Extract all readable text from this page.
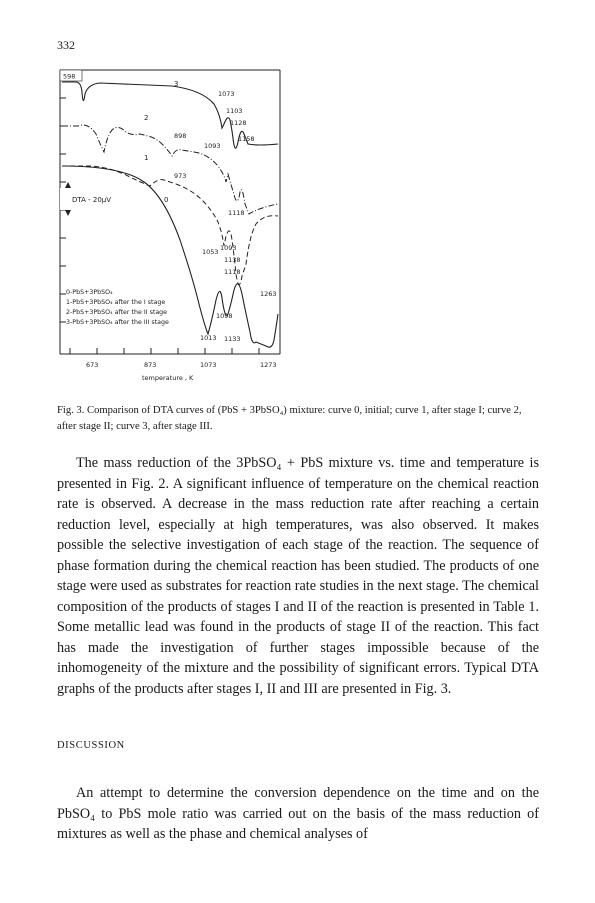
332
DTA - 20μV
598
3
1073
1103
1128
1158
1093
2
898
1
973
0
1118
1053 1093
1138
1118
1263
1098
1013 1133
0-PbS+3PbSO₄
1-PbS+3PbSO₄ after the I stage
2-PbS+3PbSO₄ after the II stage
3-PbS+3PbSO₄ after the III stage
673	873	1073	1273
temperature , K
Fig. 3. Comparison of DTA curves of (PbS + 3PbSO₄) mixture: curve 0, initial; curve 1, after stage I; curve 2, after stage II; curve 3, after stage III.

The mass reduction of the 3PbSO₄ + PbS mixture vs. time and temperature is presented in Fig. 2. A significant influence of temperature on the chemical reaction rate is observed. A decrease in the mass reduction rate after reaching a certain reduction level, especially at high temperatures, was also observed. It makes possible the selective investigation of each stage of the reaction. The sequence of phase formation during the chemical reaction has been studied. The products of one stage were used as substrates for reaction rate studies in the next stage. The chemical composition of the products of stages I and II of the reaction is presented in Table 1. Some metallic lead was found in the products of stage II of the reaction. This fact has made the investigation of further stages impossible because of the inhomogeneity of the mixture and the possibility of significant errors. Typical DTA graphs of the products after stages I, II and III are presented in Fig. 3.

DISCUSSION

An attempt to determine the conversion dependence on the time and on the PbSO₄ to PbS mole ratio was carried out on the basis of the mass reduction of mixtures as well as the phase and chemical analyses of
